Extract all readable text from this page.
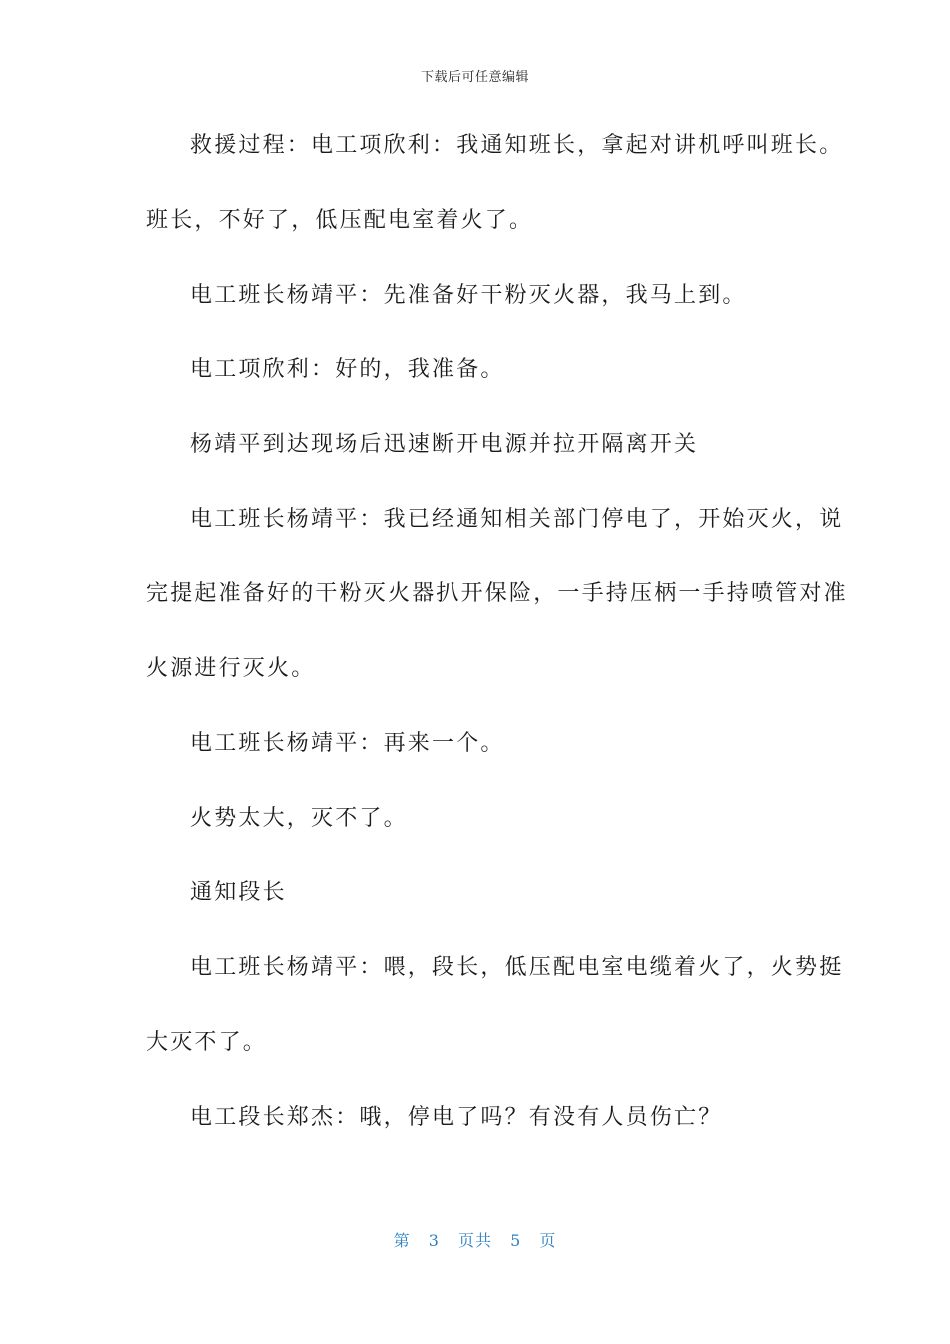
下载后可任意编辑
救援过程：电工项欣利：我通知班长，拿起对讲机呼叫班长。
班长，不好了，低压配电室着火了。
电工班长杨靖平：先准备好干粉灭火器，我马上到。
电工项欣利：好的，我准备。
杨靖平到达现场后迅速断开电源并拉开隔离开关
电工班长杨靖平：我已经通知相关部门停电了，开始灭火，说
完提起准备好的干粉灭火器扒开保险，一手持压柄一手持喷管对准
火源进行灭火。
电工班长杨靖平：再来一个。
火势太大，灭不了。
通知段长
电工班长杨靖平：喂，段长，低压配电室电缆着火了，火势挺
大灭不了。
电工段长郑杰：哦，停电了吗？有没有人员伤亡？
第 3 页共 5 页
